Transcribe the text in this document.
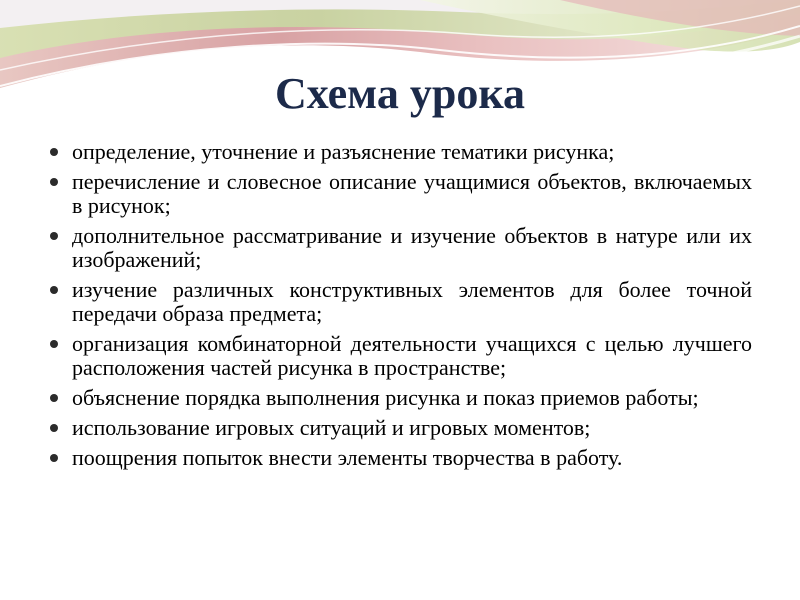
Схема урока
определение, уточнение и разъяснение тематики рисунка;
перечисление и словесное описание учащимися объектов, включаемых в рисунок;
дополнительное рассматривание и изучение объектов в натуре или их изображений;
изучение различных конструктивных элементов для более точной передачи образа предмета;
организация комбинаторной деятельности учащихся с целью лучшего расположения частей рисунка в пространстве;
объяснение порядка выполнения рисунка и показ приемов работы;
использование игровых ситуаций и игровых моментов;
поощрения попыток внести элементы творчества в работу.
